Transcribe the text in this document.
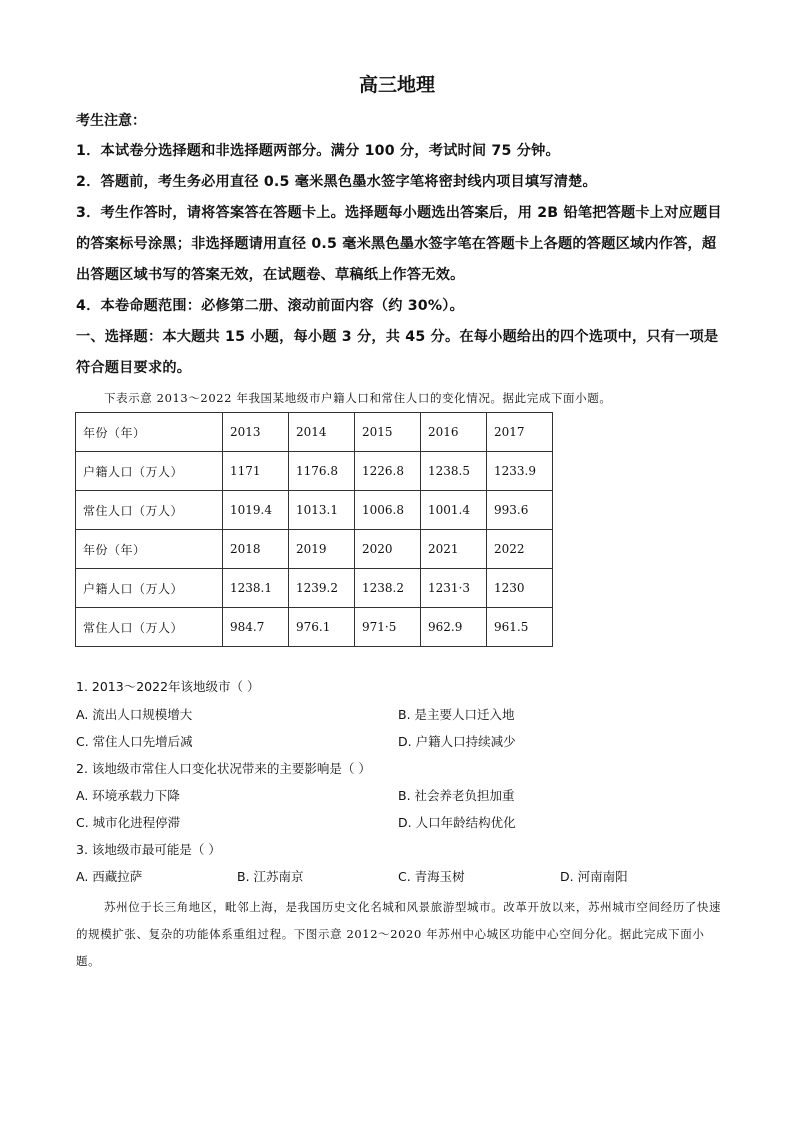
高三地理
考生注意：
1．本试卷分选择题和非选择题两部分。满分 100 分，考试时间 75 分钟。
2．答题前，考生务必用直径 0.5 毫米黑色墨水签字笔将密封线内项目填写清楚。
3．考生作答时，请将答案答在答题卡上。选择题每小题选出答案后，用 2B 铅笔把答题卡上对应题目的答案标号涂黑；非选择题请用直径 0.5 毫米黑色墨水签字笔在答题卡上各题的答题区域内作答，超出答题区域书写的答案无效，在试题卷、草稿纸上作答无效。
4．本卷命题范围：必修第二册、滚动前面内容（约 30%）。
一、选择题：本大题共 15 小题，每小题 3 分，共 45 分。在每小题给出的四个选项中，只有一项是符合题目要求的。
下表示意 2013～2022 年我国某地级市户籍人口和常住人口的变化情况。据此完成下面小题。
年份（年）	2013	2014	2015	2016	2017
户籍人口（万人）	1171	1176.8	1226.8	1238.5	1233.9
常住人口（万人）	1019.4	1013.1	1006.8	1001.4	993.6
年份（年）	2018	2019	2020	2021	2022
户籍人口（万人）	1238.1	1239.2	1238.2	1231·3	1230
常住人口（万人）	984.7	976.1	971·5	962.9	961.5
1. 2013～2022年该地级市（ ）
A. 流出人口规模增大	B. 是主要人口迁入地
C. 常住人口先增后减	D. 户籍人口持续减少
2. 该地级市常住人口变化状况带来的主要影响是（ ）
A. 环境承载力下降	B. 社会养老负担加重
C. 城市化进程停滞	D. 人口年龄结构优化
3. 该地级市最可能是（ ）
A. 西藏拉萨	B. 江苏南京	C. 青海玉树	D. 河南南阳
苏州位于长三角地区，毗邻上海，是我国历史文化名城和风景旅游型城市。改革开放以来，苏州城市空间经历了快速的规模扩张、复杂的功能体系重组过程。下图示意 2012～2020 年苏州中心城区功能中心空间分化。据此完成下面小题。
